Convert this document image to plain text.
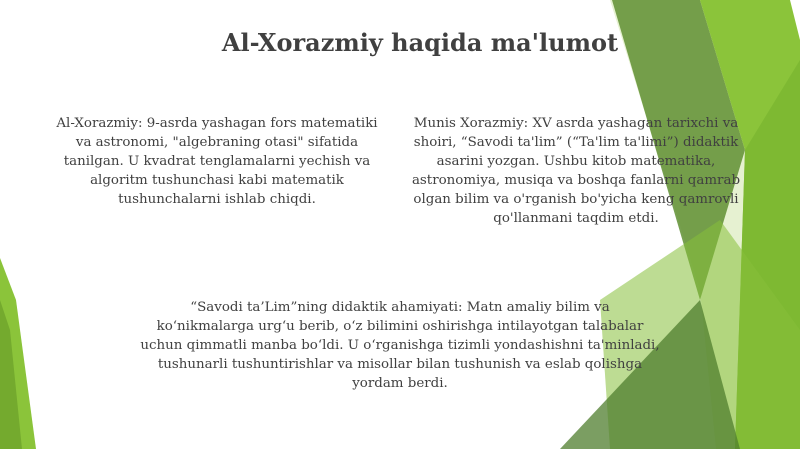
Al-Xorazmiy haqida ma'lumot

Al-Xorazmiy: 9-asrda yashagan fors matematiki va astronomi, "algebraning otasi" sifatida tanilgan. U kvadrat tenglamalarni yechish va algoritm tushunchasi kabi matematik tushunchalarni ishlab chiqdi.

Munis Xorazmiy: XV asrda yashagan tarixchi va shoiri, “Savodi ta'lim” (“Ta'lim ta'limi”) didaktik asarini yozgan. Ushbu kitob matematika, astronomiya, musiqa va boshqa fanlarni qamrab olgan bilim va o'rganish bo'yicha keng qamrovli qo'llanmani taqdim etdi.

“Savodi ta’Lim”ning didaktik ahamiyati: Matn amaliy bilim va ko‘nikmalarga urg‘u berib, o‘z bilimini oshirishga intilayotgan talabalar uchun qimmatli manba bo‘ldi. U o‘rganishga tizimli yondashishni ta'minladi, tushunarli tushuntirishlar va misollar bilan tushunish va eslab qolishga yordam berdi.
